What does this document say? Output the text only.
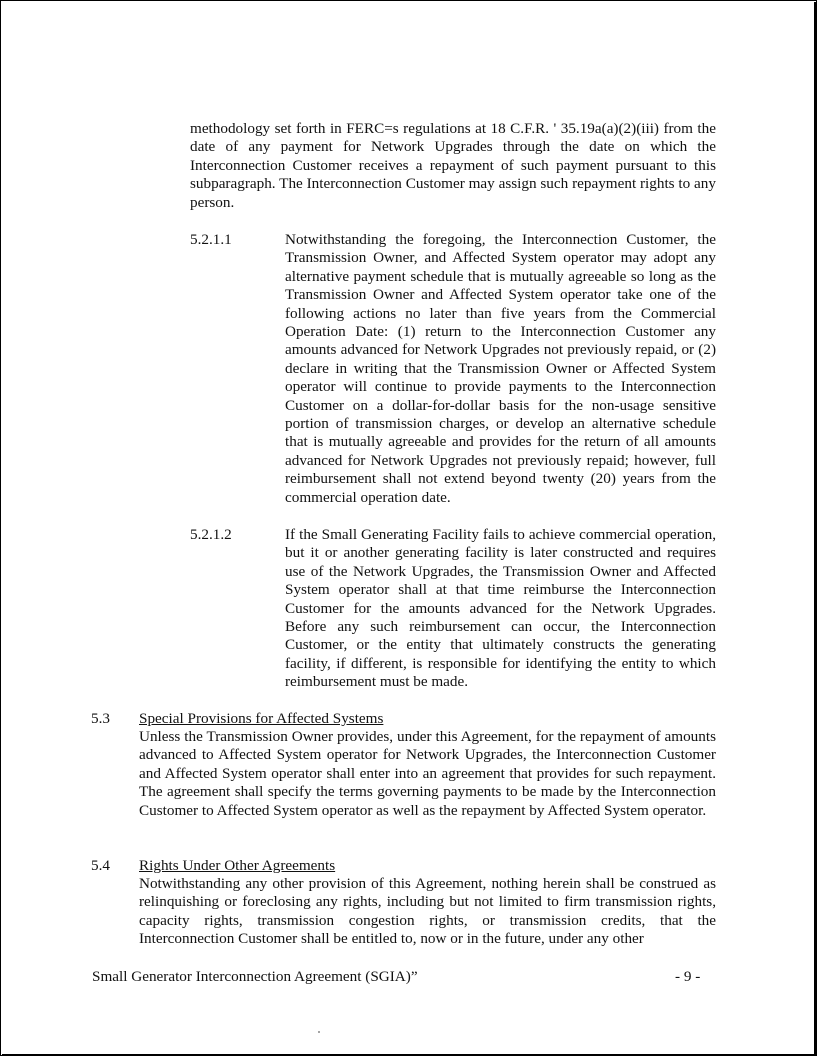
methodology set forth in FERC=s regulations at 18 C.F.R. ' 35.19a(a)(2)(iii) from the date of any payment for Network Upgrades through the date on which the Interconnection Customer receives a repayment of such payment pursuant to this subparagraph. The Interconnection Customer may assign such repayment rights to any person.
5.2.1.1	Notwithstanding the foregoing, the Interconnection Customer, the Transmission Owner, and Affected System operator may adopt any alternative payment schedule that is mutually agreeable so long as the Transmission Owner and Affected System operator take one of the following actions no later than five years from the Commercial Operation Date: (1) return to the Interconnection Customer any amounts advanced for Network Upgrades not previously repaid, or (2) declare in writing that the Transmission Owner or Affected System operator will continue to provide payments to the Interconnection Customer on a dollar-for-dollar basis for the non-usage sensitive portion of transmission charges, or develop an alternative schedule that is mutually agreeable and provides for the return of all amounts advanced for Network Upgrades not previously repaid; however, full reimbursement shall not extend beyond twenty (20) years from the commercial operation date.
5.2.1.2	If the Small Generating Facility fails to achieve commercial operation, but it or another generating facility is later constructed and requires use of the Network Upgrades, the Transmission Owner and Affected System operator shall at that time reimburse the Interconnection Customer for the amounts advanced for the Network Upgrades. Before any such reimbursement can occur, the Interconnection Customer, or the entity that ultimately constructs the generating facility, if different, is responsible for identifying the entity to which reimbursement must be made.
5.3 Special Provisions for Affected Systems
Unless the Transmission Owner provides, under this Agreement, for the repayment of amounts advanced to Affected System operator for Network Upgrades, the Interconnection Customer and Affected System operator shall enter into an agreement that provides for such repayment. The agreement shall specify the terms governing payments to be made by the Interconnection Customer to Affected System operator as well as the repayment by Affected System operator.
5.4 Rights Under Other Agreements
Notwithstanding any other provision of this Agreement, nothing herein shall be construed as relinquishing or foreclosing any rights, including but not limited to firm transmission rights, capacity rights, transmission congestion rights, or transmission credits, that the Interconnection Customer shall be entitled to, now or in the future, under any other
Small Generator Interconnection Agreement (SGIA)”	- 9 -
